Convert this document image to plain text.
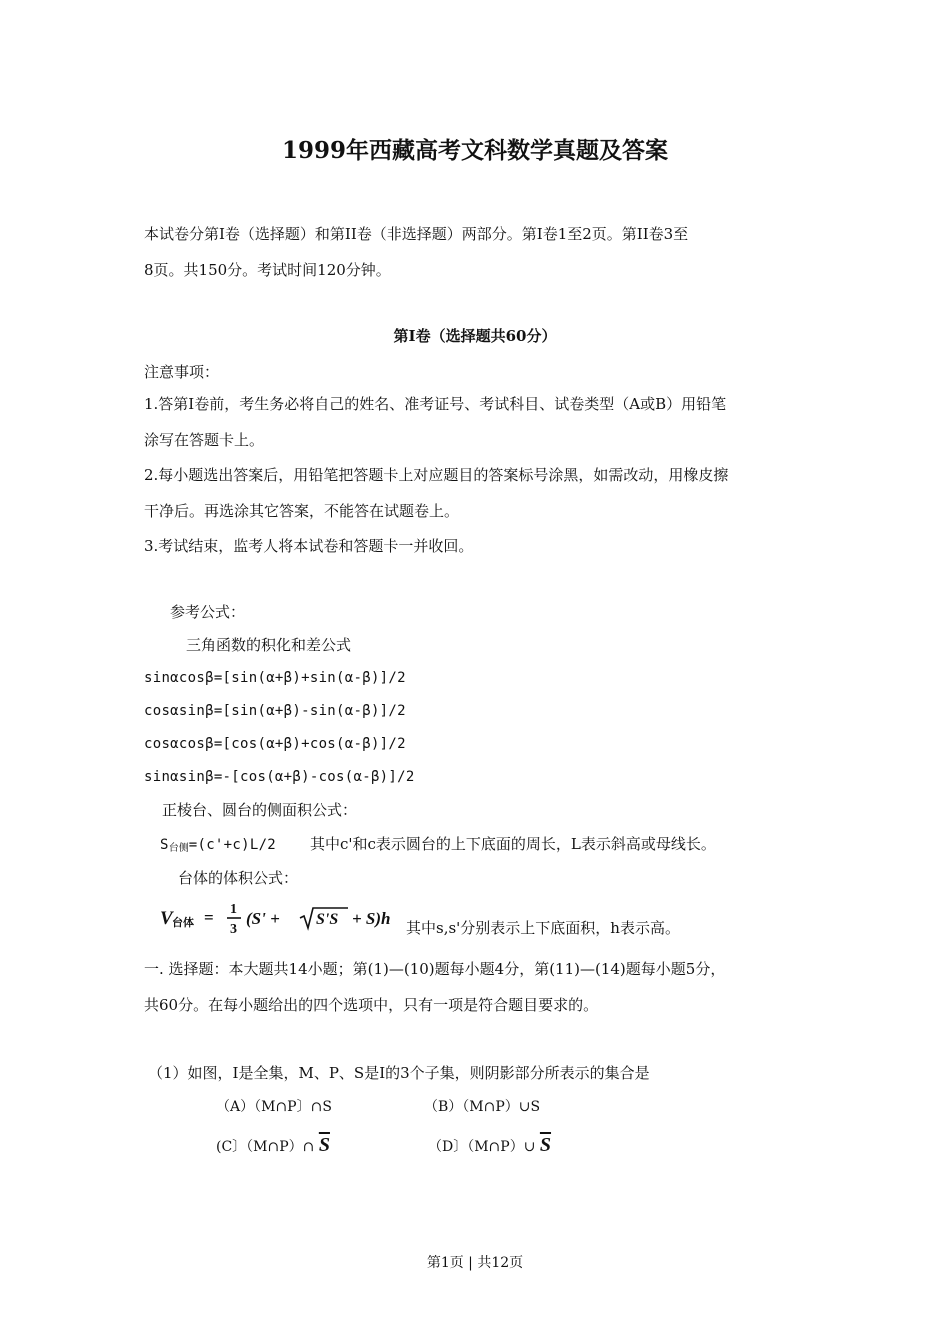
1999年西藏高考文科数学真题及答案
本试卷分第Ⅰ卷（选择题）和第II卷（非选择题）两部分。第Ⅰ卷1至2页。第II卷3至
8页。共150分。考试时间120分钟。
第Ⅰ卷（选择题共60分）
注意事项：
1.答第Ⅰ卷前，考生务必将自己的姓名、准考证号、考试科目、试卷类型（A或B）用铅笔
涂写在答题卡上。
2.每小题选出答案后，用铅笔把答题卡上对应题目的答案标号涂黑，如需改动，用橡皮擦
干净后。再选涂其它答案，不能答在试题卷上。
3.考试结束，监考人将本试卷和答题卡一并收回。
参考公式：
三角函数的积化和差公式
sinαcosβ=[sin(α+β)+sin(α-β)]/2
cosαsinβ=[sin(α+β)-sin(α-β)]/2
cosαcosβ=[cos(α+β)+cos(α-β)]/2
sinαsinβ=-[cos(α+β)-cos(α-β)]/2
正棱台、圆台的侧面积公式：
$S_{台侧}=(c'+c)L/2$ 其中c'和c表示圆台的上下底面的周长，L表示斜高或母线长。
台体的体积公式：
V 台体 = 1
3
(S' + S'S + S)h 其中s,s'分别表示上下底面积，h表示高。
一. 选择题：本大题共14小题；第(1)—(10)题每小题4分，第(11)—(14)题每小题5分，
共60分。在每小题给出的四个选项中，只有一项是符合题目要求的。
（1）如图，I是全集，M、P、S是I的3个子集，则阴影部分所表示的集合是
（A）（M∩P〕∩S	（B）（M∩P）∪S
(C〕（M∩P）∩ $\overline{S}$	（D〕（M∩P）∪ $\overline{S}$
第1页 | 共12页
